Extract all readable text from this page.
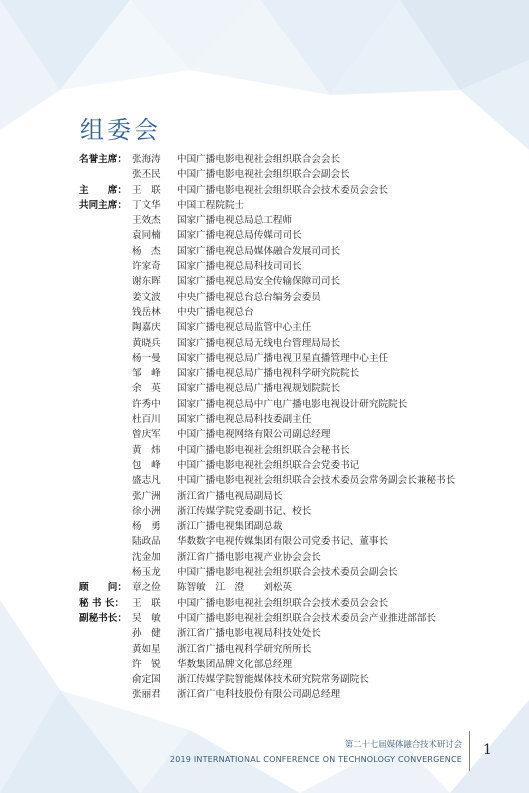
组委会
名誉主席： 张海涛	中国广播电影电视社会组织联合会会长
张丕民	中国广播电影电视社会组织联合会副会长
主　　席： 王　联	中国广播电影电视社会组织联合会技术委员会会长
共同主席： 丁文华	中国工程院院士
王效杰	国家广播电视总局总工程师
袁同楠	国家广播电视总局传媒司司长
杨　杰	国家广播电视总局媒体融合发展司司长
许家奇	国家广播电视总局科技司司长
谢东晖	国家广播电视总局安全传输保障司司长
姜文波	中央广播电视总台总台编务会委员
钱岳林	中央广播电视总台
陶嘉庆	国家广播电视总局监管中心主任
黄晓兵	国家广播电视总局无线电台管理局局长
杨一曼	国家广播电视总局广播电视卫星直播管理中心主任
邹　峰	国家广播电视总局广播电视科学研究院院长
余　英	国家广播电视总局广播电视规划院院长
许秀中	国家广播电视总局中广电广播电影电视设计研究院院长
杜百川	国家广播电视总局科技委副主任
曾庆军	中国广播电视网络有限公司副总经理
黄　炜	中国广播电影电视社会组织联合会秘书长
包　峰	中国广播电影电视社会组织联合会党委书记
盛志凡	中国广播电影电视社会组织联合会技术委员会常务副会长兼秘书长
张广洲	浙江省广播电视局副局长
徐小洲	浙江传媒学院党委副书记、校长
杨　勇	浙江广播电视集团副总裁
陆政品	华数数字电视传媒集团有限公司党委书记、董事长
沈金加	浙江省广播电影电视产业协会会长
杨玉龙	中国广播电影电视社会组织联合会技术委员会副会长
顾　　问： 章之俭	陈智敏　江　澄　　刘松英
秘 书 长： 王　联	中国广播电影电视社会组织联合会技术委员会会长
副秘书长： 吴　敏	中国广播电影电视社会组织联合会技术委员会产业推进部部长
孙　健	浙江省广播电影电视局科技处处长
黄如星	浙江省广播电视科学研究所所长
许　锐	华数集团品牌文化部总经理
俞定国	浙江传媒学院智能媒体技术研究院常务副院长
张丽君	浙江省广电科技股份有限公司副总经理
第二十七届媒体融合技术研讨会
2019 INTERNATIONAL CONFERENCE ON TECHNOLOGY CONVERGENCE
1
